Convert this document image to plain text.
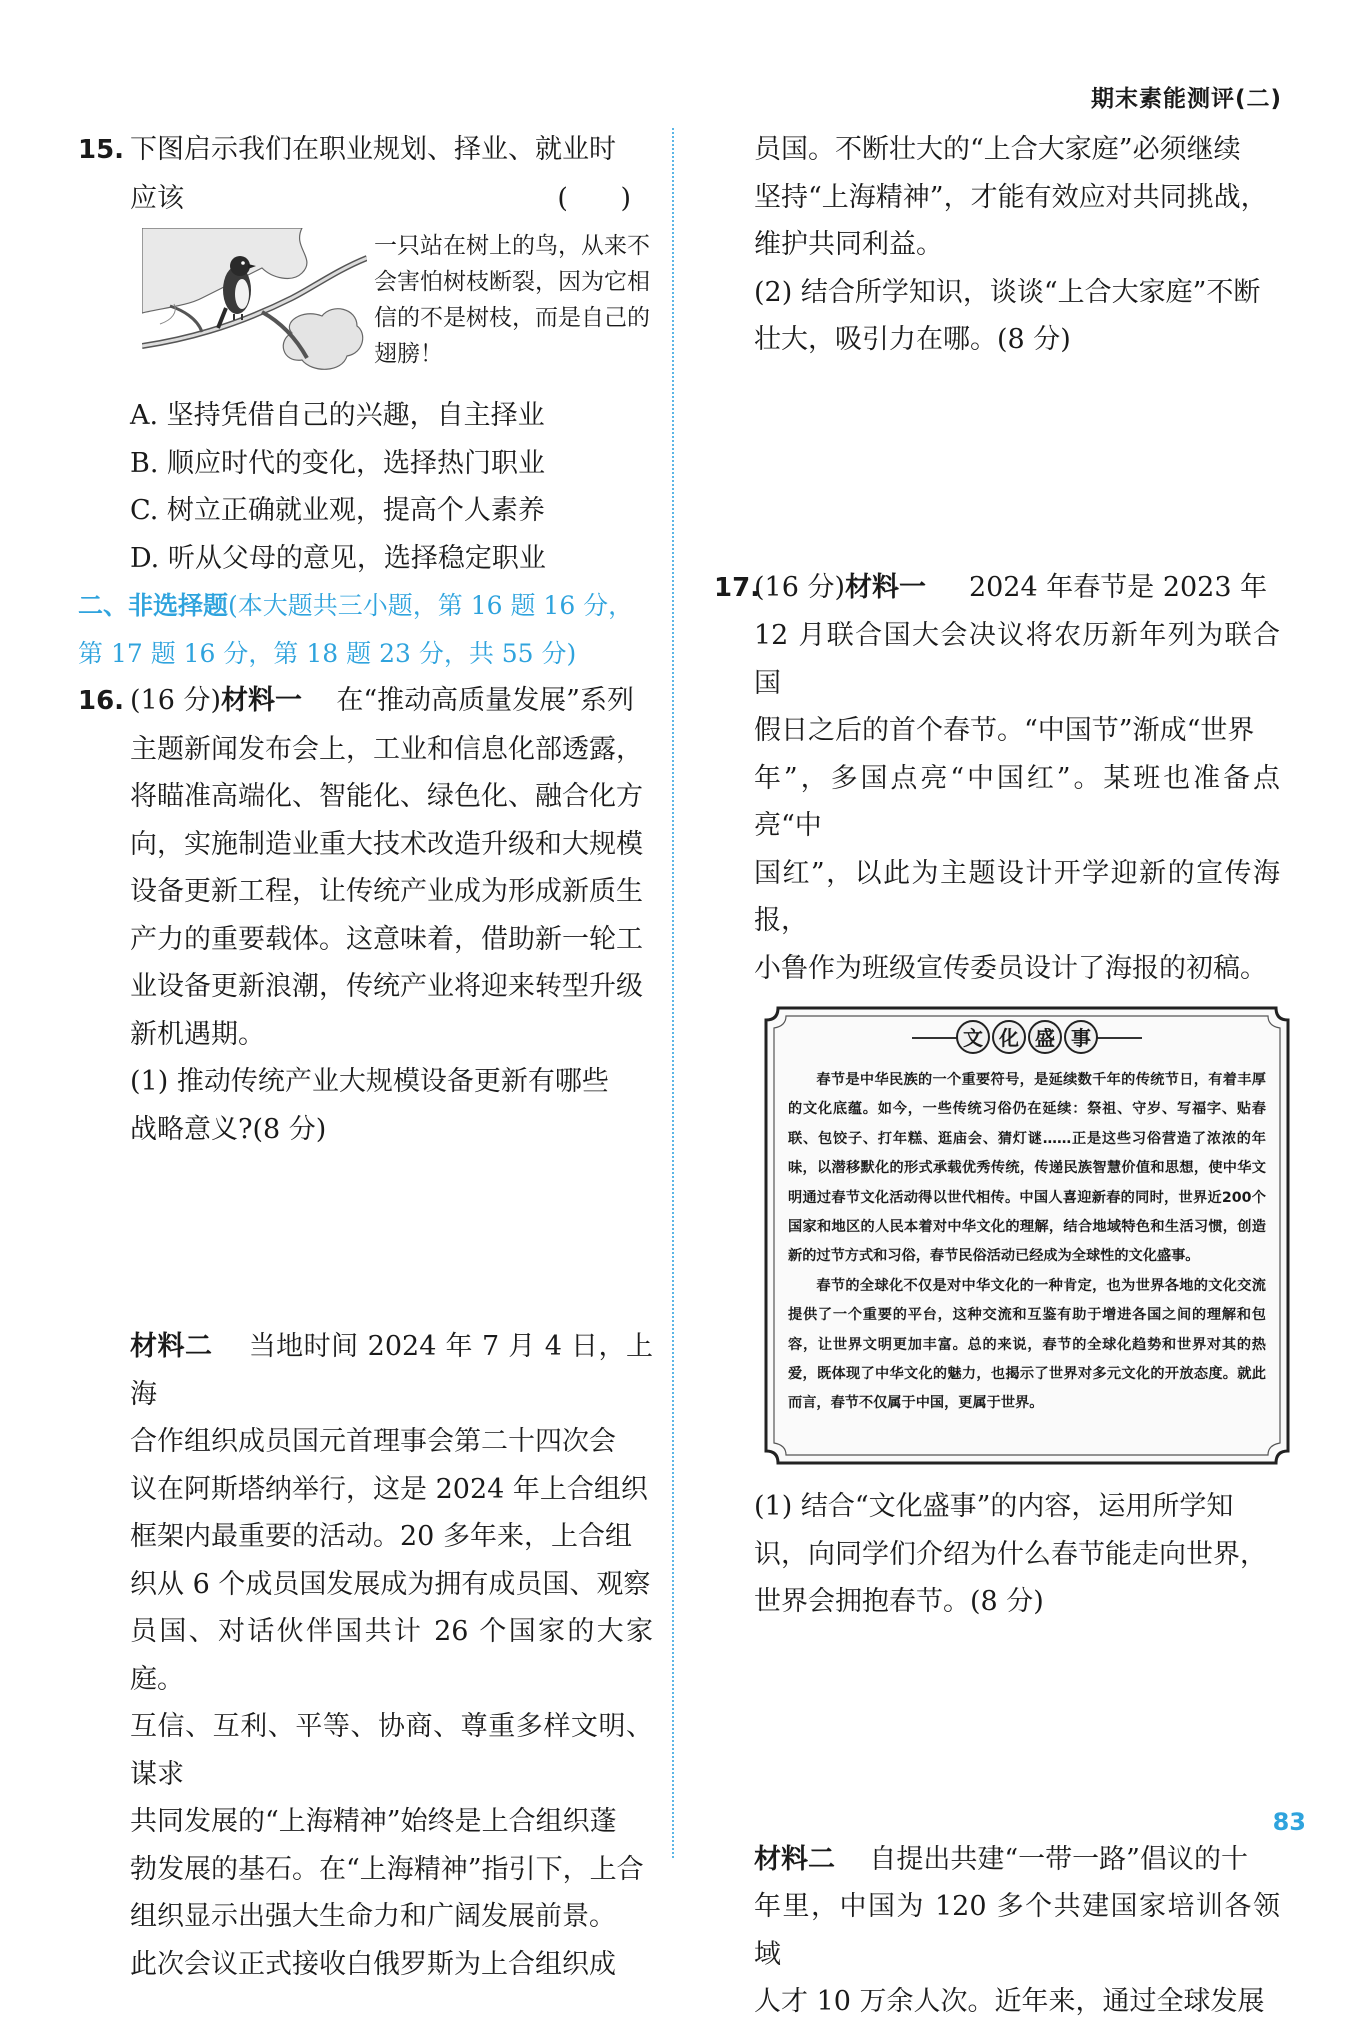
期末素能测评(二)

15. 下图启示我们在职业规划、择业、就业时

应该	( )

一只站在树上的鸟，从来不会害怕树枝断裂，因为它相信的不是树枝，而是自己的翅膀！

A. 坚持凭借自己的兴趣，自主择业

B. 顺应时代的变化，选择热门职业

C. 树立正确就业观，提高个人素养

D. 听从父母的意见，选择稳定职业

二、非选择题(本大题共三小题，第 16 题 16 分，

第 17 题 16 分，第 18 题 23 分，共 55 分)

16. (16 分)材料一 在“推动高质量发展”系列

主题新闻发布会上，工业和信息化部透露，

将瞄准高端化、智能化、绿色化、融合化方

向，实施制造业重大技术改造升级和大规模

设备更新工程，让传统产业成为形成新质生

产力的重要载体。这意味着，借助新一轮工

业设备更新浪潮，传统产业将迎来转型升级

新机遇期。

(1) 推动传统产业大规模设备更新有哪些

战略意义?(8 分)

材料二 当地时间 2024 年 7 月 4 日，上海

合作组织成员国元首理事会第二十四次会

议在阿斯塔纳举行，这是 2024 年上合组织

框架内最重要的活动。20 多年来，上合组

织从 6 个成员国发展成为拥有成员国、观察

员国、对话伙伴国共计 26 个国家的大家庭。

互信、互利、平等、协商、尊重多样文明、谋求

共同发展的“上海精神”始终是上合组织蓬

勃发展的基石。在“上海精神”指引下，上合

组织显示出强大生命力和广阔发展前景。

此次会议正式接收白俄罗斯为上合组织成

员国。不断壮大的“上合大家庭”必须继续

坚持“上海精神”，才能有效应对共同挑战，

维护共同利益。

(2) 结合所学知识，谈谈“上合大家庭”不断

壮大，吸引力在哪。(8 分)

17.(16 分)材料一 2024 年春节是 2023 年

12 月联合国大会决议将农历新年列为联合国

假日之后的首个春节。“中国节”渐成“世界

年”，多国点亮“中国红”。某班也准备点亮“中

国红”，以此为主题设计开学迎新的宣传海报，

小鲁作为班级宣传委员设计了海报的初稿。

文 化 盛 事

春节是中华民族的一个重要符号，是延续数千年的传统节日，有着丰厚的文化底蕴。如今，一些传统习俗仍在延续：祭祖、守岁、写福字、贴春联、包饺子、打年糕、逛庙会、猜灯谜……正是这些习俗营造了浓浓的年味，以潜移默化的形式承载优秀传统，传递民族智慧价值和思想，使中华文明通过春节文化活动得以世代相传。中国人喜迎新春的同时，世界近200个国家和地区的人民本着对中华文化的理解，结合地域特色和生活习惯，创造新的过节方式和习俗，春节民俗活动已经成为全球性的文化盛事。

春节的全球化不仅是对中华文化的一种肯定，也为世界各地的文化交流提供了一个重要的平台，这种交流和互鉴有助于增进各国之间的理解和包容，让世界文明更加丰富。总的来说，春节的全球化趋势和世界对其的热爱，既体现了中华文化的魅力，也揭示了世界对多元文化的开放态度。就此而言，春节不仅属于中国，更属于世界。

(1) 结合“文化盛事”的内容，运用所学知

识，向同学们介绍为什么春节能走向世界，

世界会拥抱春节。(8 分)

材料二 自提出共建“一带一路”倡议的十

年里，中国为 120 多个共建国家培训各领域

人才 10 万余人次。近年来，通过全球发展

83
